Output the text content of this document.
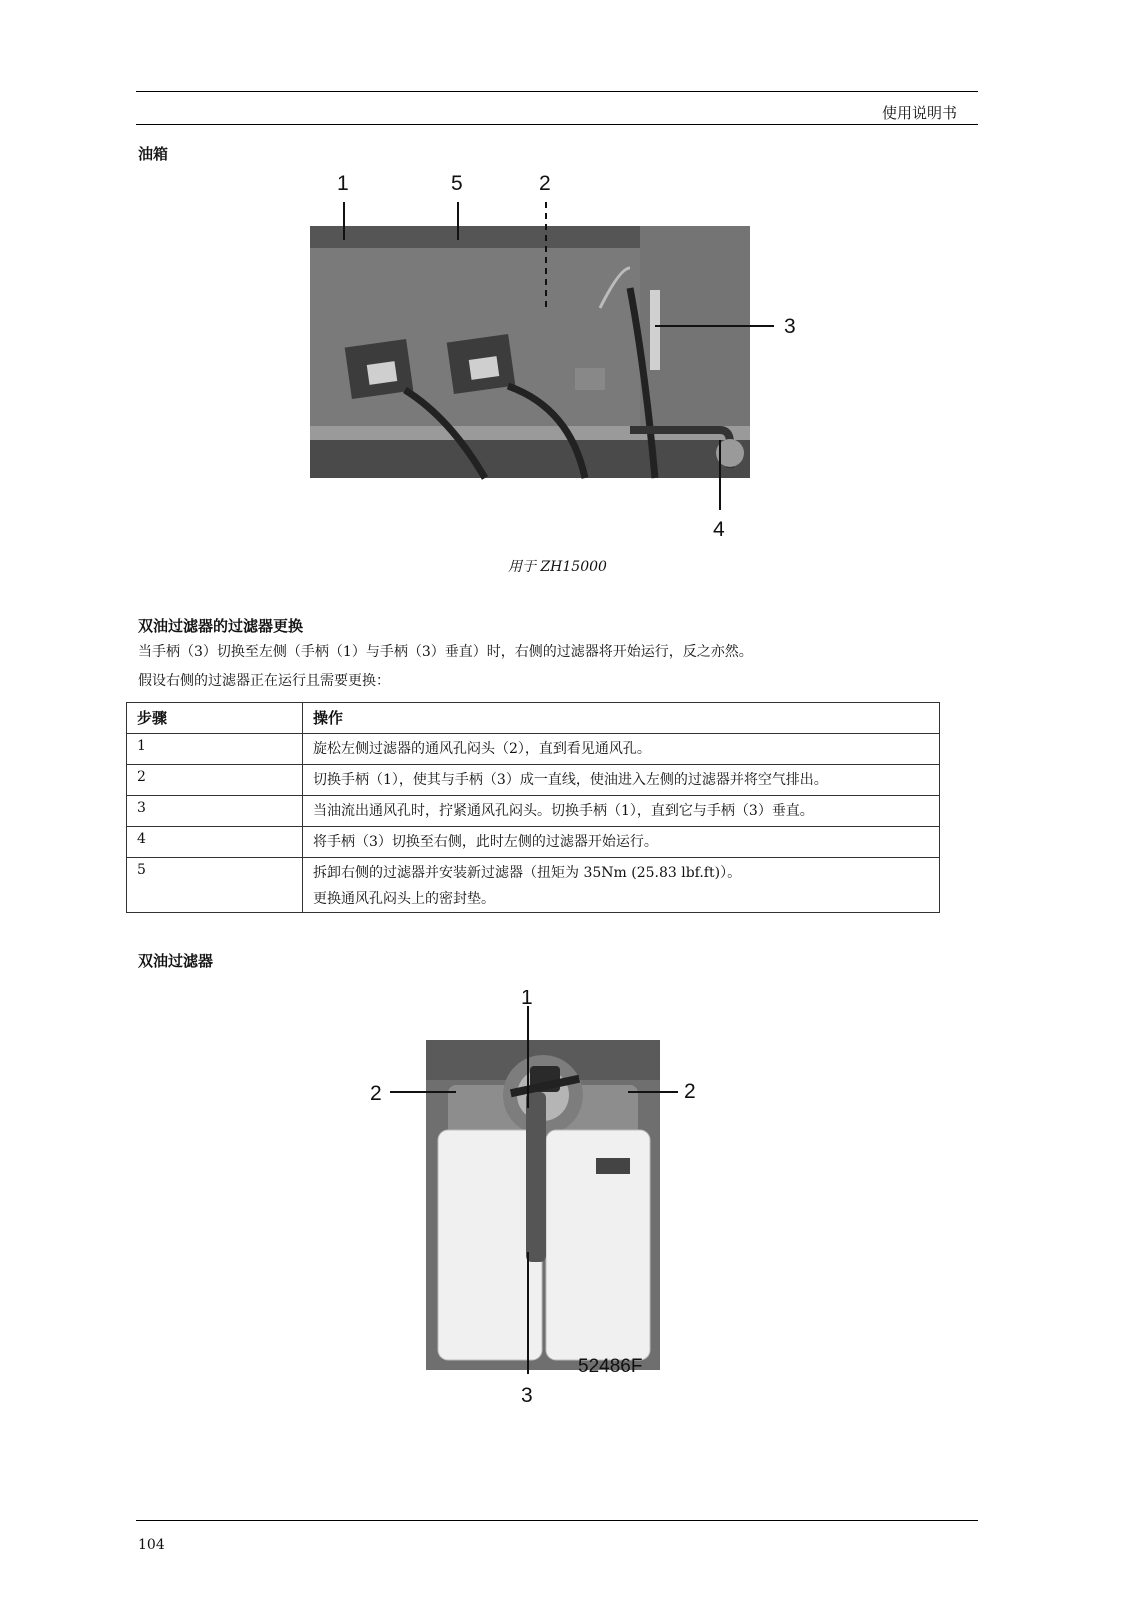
使用说明书
油箱
1	5	2
3
4
用于 ZH15000
双油过滤器的过滤器更换
当手柄（3）切换至左侧（手柄（1）与手柄（3）垂直）时，右侧的过滤器将开始运行，反之亦然。
假设右侧的过滤器正在运行且需要更换：
步骤	操作
1	旋松左侧过滤器的通风孔闷头（2），直到看见通风孔。
2	切换手柄（1），使其与手柄（3）成一直线，使油进入左侧的过滤器并将空气排出。
3	当油流出通风孔时，拧紧通风孔闷头。切换手柄（1），直到它与手柄（3）垂直。
4	将手柄（3）切换至右侧，此时左侧的过滤器开始运行。
5	拆卸右侧的过滤器并安装新过滤器（扭矩为 35Nm (25.83 lbf.ft)）。
更换通风孔闷头上的密封垫。
双油过滤器
1
2	2
3
52486F
104
